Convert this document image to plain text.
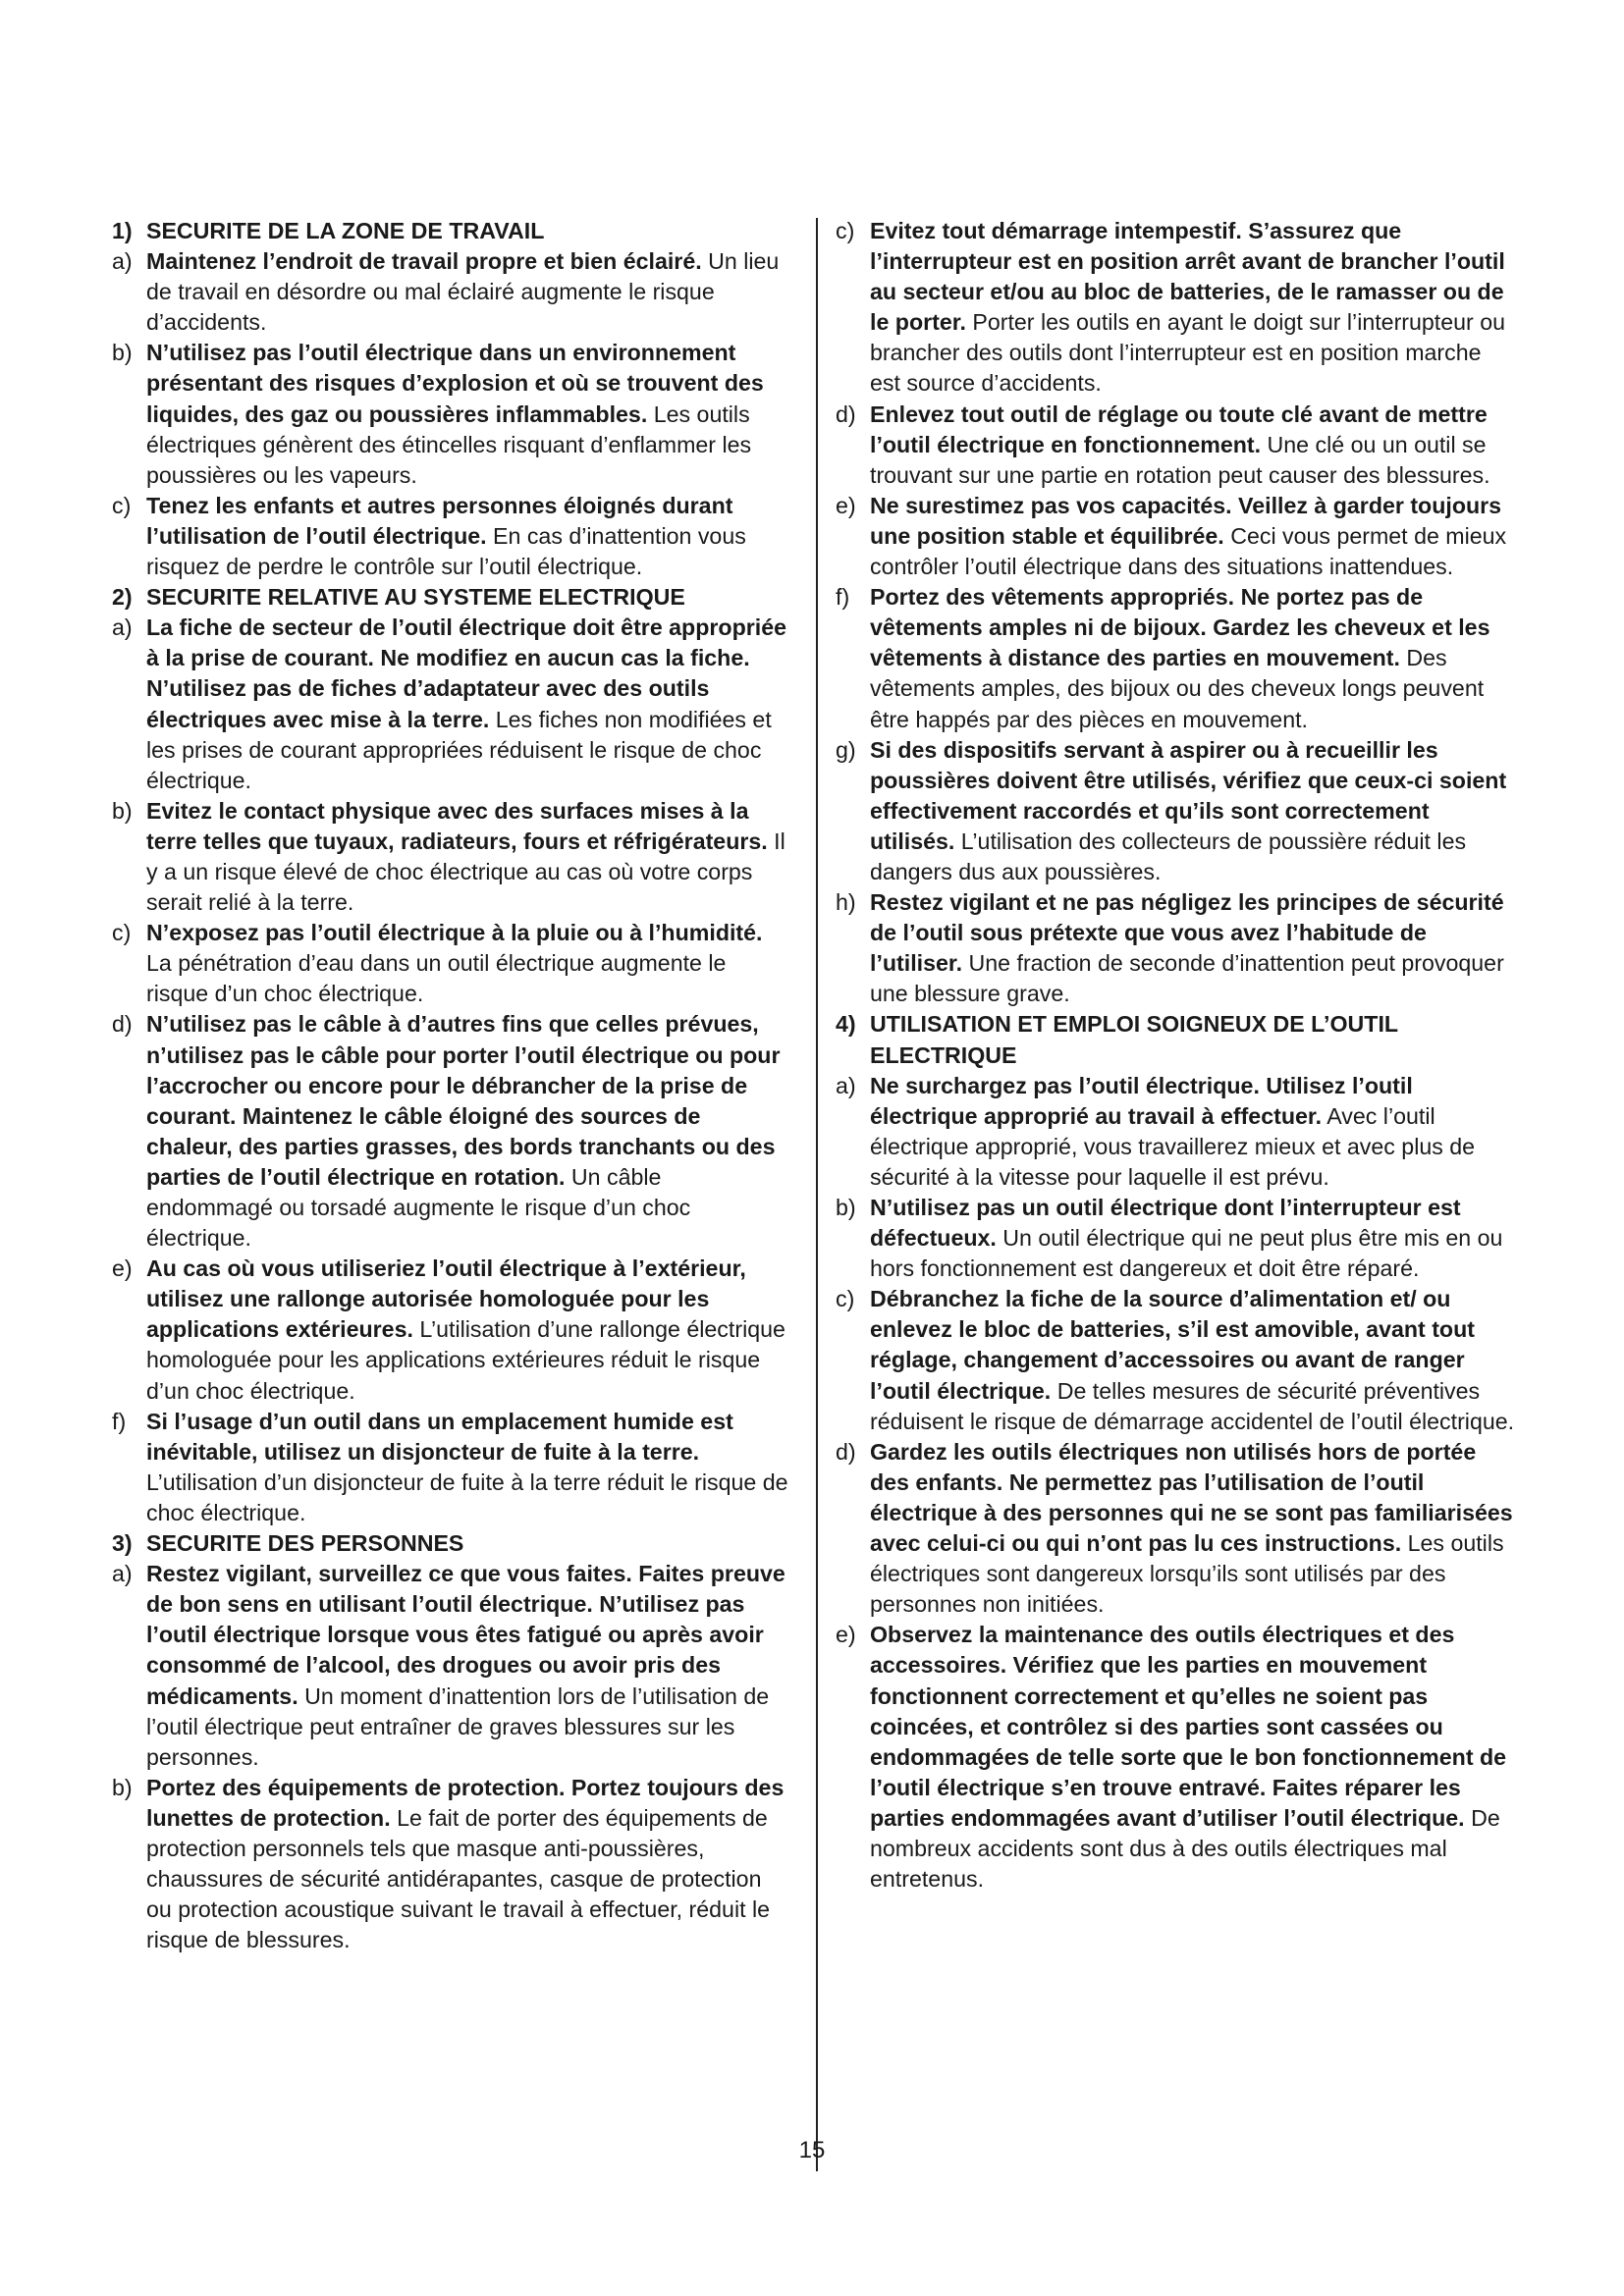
1) SECURITE DE LA ZONE DE TRAVAIL
a) Maintenez l’endroit de travail propre et bien éclairé. Un lieu de travail en désordre ou mal éclairé augmente le risque d’accidents.
b) N’utilisez pas l’outil électrique dans un environnement présentant des risques d’explosion et où se trouvent des liquides, des gaz ou poussières inflammables. Les outils électriques génèrent des étincelles risquant d’enflammer les poussières ou les vapeurs.
c) Tenez les enfants et autres personnes éloignés durant l’utilisation de l’outil électrique. En cas d’inattention vous risquez de perdre le contrôle sur l’outil électrique.
2) SECURITE RELATIVE AU SYSTEME ELECTRIQUE
a) La fiche de secteur de l’outil électrique doit être appropriée à la prise de courant. Ne modifiez en aucun cas la fiche. N’utilisez pas de fiches d’adaptateur avec des outils électriques avec mise à la terre. Les fiches non modifiées et les prises de courant appropriées réduisent le risque de choc électrique.
b) Evitez le contact physique avec des surfaces mises à la terre telles que tuyaux, radiateurs, fours et réfrigérateurs. Il y a un risque élevé de choc électrique au cas où votre corps serait relié à la terre.
c) N’exposez pas l’outil électrique à la pluie ou à l’humidité. La pénétration d’eau dans un outil électrique augmente le risque d’un choc électrique.
d) N’utilisez pas le câble à d’autres fins que celles prévues, n’utilisez pas le câble pour porter l’outil électrique ou pour l’accrocher ou encore pour le débrancher de la prise de courant. Maintenez le câble éloigné des sources de chaleur, des parties grasses, des bords tranchants ou des parties de l’outil électrique en rotation. Un câble endommagé ou torsadé augmente le risque d’un choc électrique.
e) Au cas où vous utiliseriez l’outil électrique à l’extérieur, utilisez une rallonge autorisée homologuée pour les applications extérieures. L’utilisation d’une rallonge électrique homologuée pour les applications extérieures réduit le risque d’un choc électrique.
f) Si l’usage d’un outil dans un emplacement humide est inévitable, utilisez un disjoncteur de fuite à la terre. L’utilisation d’un disjoncteur de fuite à la terre réduit le risque de choc électrique.
3) SECURITE DES PERSONNES
a) Restez vigilant, surveillez ce que vous faites. Faites preuve de bon sens en utilisant l’outil électrique. N’utilisez pas l’outil électrique lorsque vous êtes fatigué ou après avoir consommé de l’alcool, des drogues ou avoir pris des médicaments. Un moment d’inattention lors de l’utilisation de l’outil électrique peut entraîner de graves blessures sur les personnes.
b) Portez des équipements de protection. Portez toujours des lunettes de protection. Le fait de porter des équipements de protection personnels tels que masque anti-poussières, chaussures de sécurité antidérapantes, casque de protection ou protection acoustique suivant le travail à effectuer, réduit le risque de blessures.
c) Evitez tout démarrage intempestif. S’assurez que l’interrupteur est en position arrêt avant de brancher l’outil au secteur et/ou au bloc de batteries, de le ramasser ou de le porter. Porter les outils en ayant le doigt sur l’interrupteur ou brancher des outils dont l’interrupteur est en position marche est source d’accidents.
d) Enlevez tout outil de réglage ou toute clé avant de mettre l’outil électrique en fonctionnement. Une clé ou un outil se trouvant sur une partie en rotation peut causer des blessures.
e) Ne surestimez pas vos capacités. Veillez à garder toujours une position stable et équilibrée. Ceci vous permet de mieux contrôler l’outil électrique dans des situations inattendues.
f) Portez des vêtements appropriés. Ne portez pas de vêtements amples ni de bijoux. Gardez les cheveux et les vêtements à distance des parties en mouvement. Des vêtements amples, des bijoux ou des cheveux longs peuvent être happés par des pièces en mouvement.
g) Si des dispositifs servant à aspirer ou à recueillir les poussières doivent être utilisés, vérifiez que ceux-ci soient effectivement raccordés et qu’ils sont correctement utilisés. L’utilisation des collecteurs de poussière réduit les dangers dus aux poussières.
h) Restez vigilant et ne pas négligez les principes de sécurité de l’outil sous prétexte que vous avez l’habitude de l’utiliser. Une fraction de seconde d’inattention peut provoquer une blessure grave.
4) UTILISATION ET EMPLOI SOIGNEUX DE L’OUTIL ELECTRIQUE
a) Ne surchargez pas l’outil électrique. Utilisez l’outil électrique approprié au travail à effectuer. Avec l’outil électrique approprié, vous travaillerez mieux et avec plus de sécurité à la vitesse pour laquelle il est prévu.
b) N’utilisez pas un outil électrique dont l’interrupteur est défectueux. Un outil électrique qui ne peut plus être mis en ou hors fonctionnement est dangereux et doit être réparé.
c) Débranchez la fiche de la source d’alimentation et/ ou enlevez le bloc de batteries, s’il est amovible, avant tout réglage, changement d’accessoires ou avant de ranger l’outil électrique. De telles mesures de sécurité préventives réduisent le risque de démarrage accidentel de l’outil électrique.
d) Gardez les outils électriques non utilisés hors de portée des enfants. Ne permettez pas l’utilisation de l’outil électrique à des personnes qui ne se sont pas familiarisées avec celui-ci ou qui n’ont pas lu ces instructions. Les outils électriques sont dangereux lorsqu’ils sont utilisés par des personnes non initiées.
e) Observez la maintenance des outils électriques et des accessoires. Vérifiez que les parties en mouvement fonctionnent correctement et qu’elles ne soient pas coincées, et contrôlez si des parties sont cassées ou endommagées de telle sorte que le bon fonctionnement de l’outil électrique s’en trouve entravé. Faites réparer les parties endommagées avant d’utiliser l’outil électrique. De nombreux accidents sont dus à des outils électriques mal entretenus.
15
